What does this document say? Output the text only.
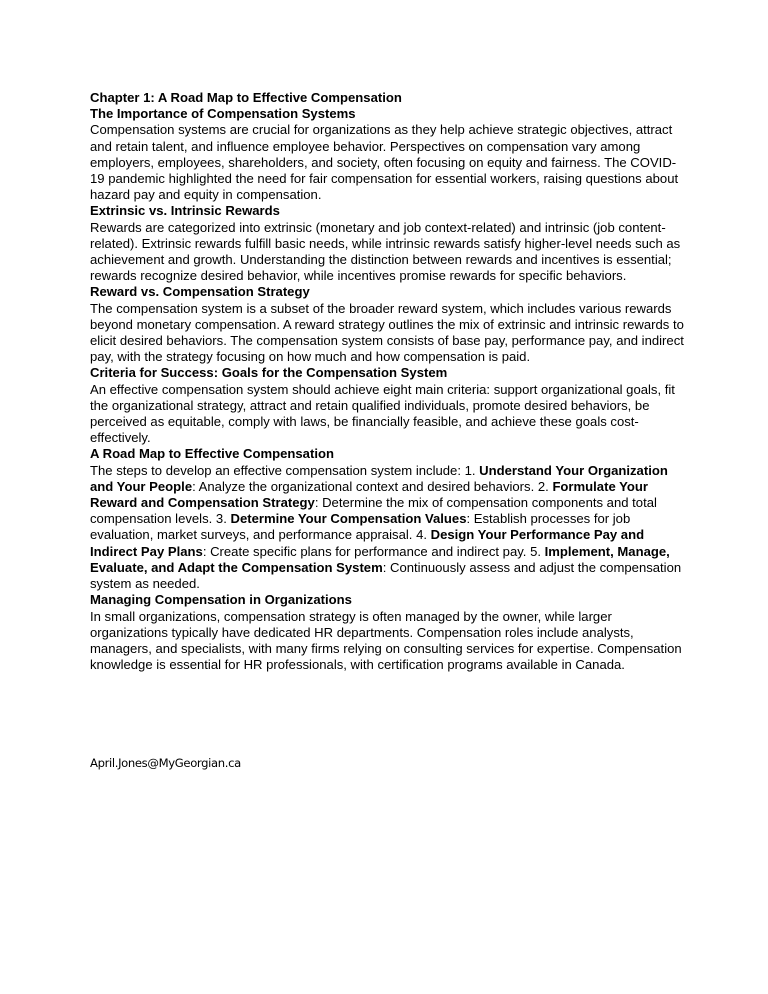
Chapter 1: A Road Map to Effective Compensation

The Importance of Compensation Systems

Compensation systems are crucial for organizations as they help achieve strategic objectives, attract and retain talent, and influence employee behavior. Perspectives on compensation vary among employers, employees, shareholders, and society, often focusing on equity and fairness. The COVID-19 pandemic highlighted the need for fair compensation for essential workers, raising questions about hazard pay and equity in compensation.

Extrinsic vs. Intrinsic Rewards

Rewards are categorized into extrinsic (monetary and job context-related) and intrinsic (job content-related). Extrinsic rewards fulfill basic needs, while intrinsic rewards satisfy higher-level needs such as achievement and growth. Understanding the distinction between rewards and incentives is essential; rewards recognize desired behavior, while incentives promise rewards for specific behaviors.

Reward vs. Compensation Strategy

The compensation system is a subset of the broader reward system, which includes various rewards beyond monetary compensation. A reward strategy outlines the mix of extrinsic and intrinsic rewards to elicit desired behaviors. The compensation system consists of base pay, performance pay, and indirect pay, with the strategy focusing on how much and how compensation is paid.

Criteria for Success: Goals for the Compensation System

An effective compensation system should achieve eight main criteria: support organizational goals, fit the organizational strategy, attract and retain qualified individuals, promote desired behaviors, be perceived as equitable, comply with laws, be financially feasible, and achieve these goals cost-effectively.

A Road Map to Effective Compensation

The steps to develop an effective compensation system include: 1. Understand Your Organization and Your People: Analyze the organizational context and desired behaviors. 2. Formulate Your Reward and Compensation Strategy: Determine the mix of compensation components and total compensation levels. 3. Determine Your Compensation Values: Establish processes for job evaluation, market surveys, and performance appraisal. 4. Design Your Performance Pay and Indirect Pay Plans: Create specific plans for performance and indirect pay. 5. Implement, Manage, Evaluate, and Adapt the Compensation System: Continuously assess and adjust the compensation system as needed.

Managing Compensation in Organizations

In small organizations, compensation strategy is often managed by the owner, while larger organizations typically have dedicated HR departments. Compensation roles include analysts, managers, and specialists, with many firms relying on consulting services for expertise. Compensation knowledge is essential for HR professionals, with certification programs available in Canada.

April.Jones@MyGeorgian.ca
